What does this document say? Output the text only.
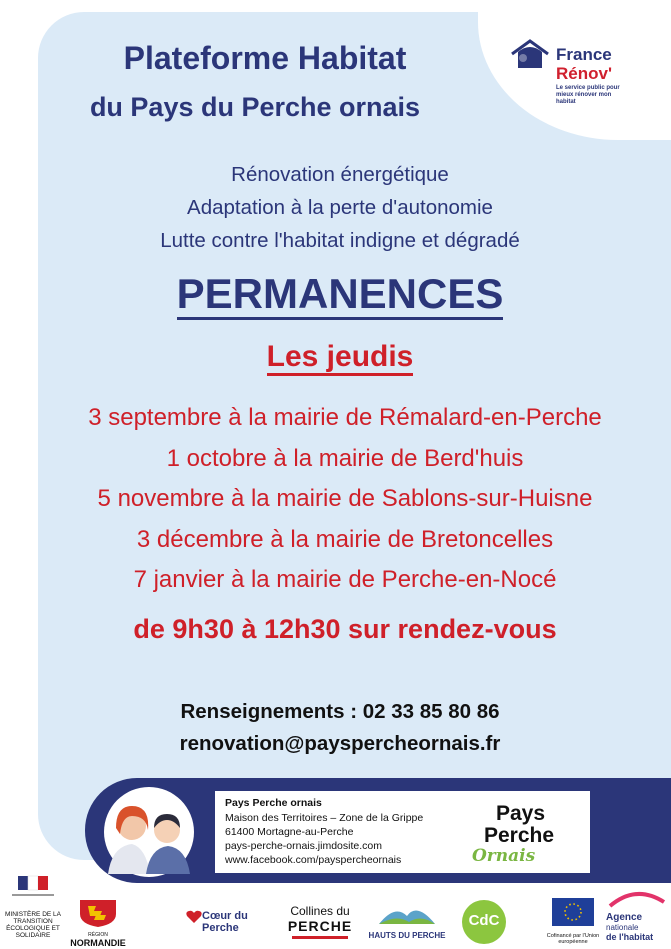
Plateforme Habitat
du Pays du Perche ornais
France
Rénov'
Le service public pour mieux rénover mon habitat
Rénovation énergétique
Adaptation à la perte d'autonomie
Lutte contre l'habitat indigne et dégradé
PERMANENCES
Les jeudis
3 septembre à la mairie de Rémalard-en-Perche
1 octobre à la mairie de Berd'huis
5 novembre à la mairie de Sablons-sur-Huisne
3 décembre à la mairie de Bretoncelles
7 janvier à la mairie de Perche-en-Nocé
de 9h30 à 12h30 sur rendez-vous
Renseignements : 02 33 85 80 86
renovation@payspercheornais.fr
Pays Perche ornais
Maison des Territoires – Zone de la Grippe
61400 Mortagne-au-Perche
pays-perche-ornais.jimdosite.com
www.facebook.com/payspercheornais
Pays
Perche
Ornais
MINISTÈRE DE LA TRANSITION ÉCOLOGIQUE ET SOLIDAIRE	RÉGION
NORMANDIE
Cœur du Perche
Collines du
PERCHE
HAUTS DU PERCHE
CdC
Cofinancé par l'Union européenne
Agence
nationale
de l'habitat
